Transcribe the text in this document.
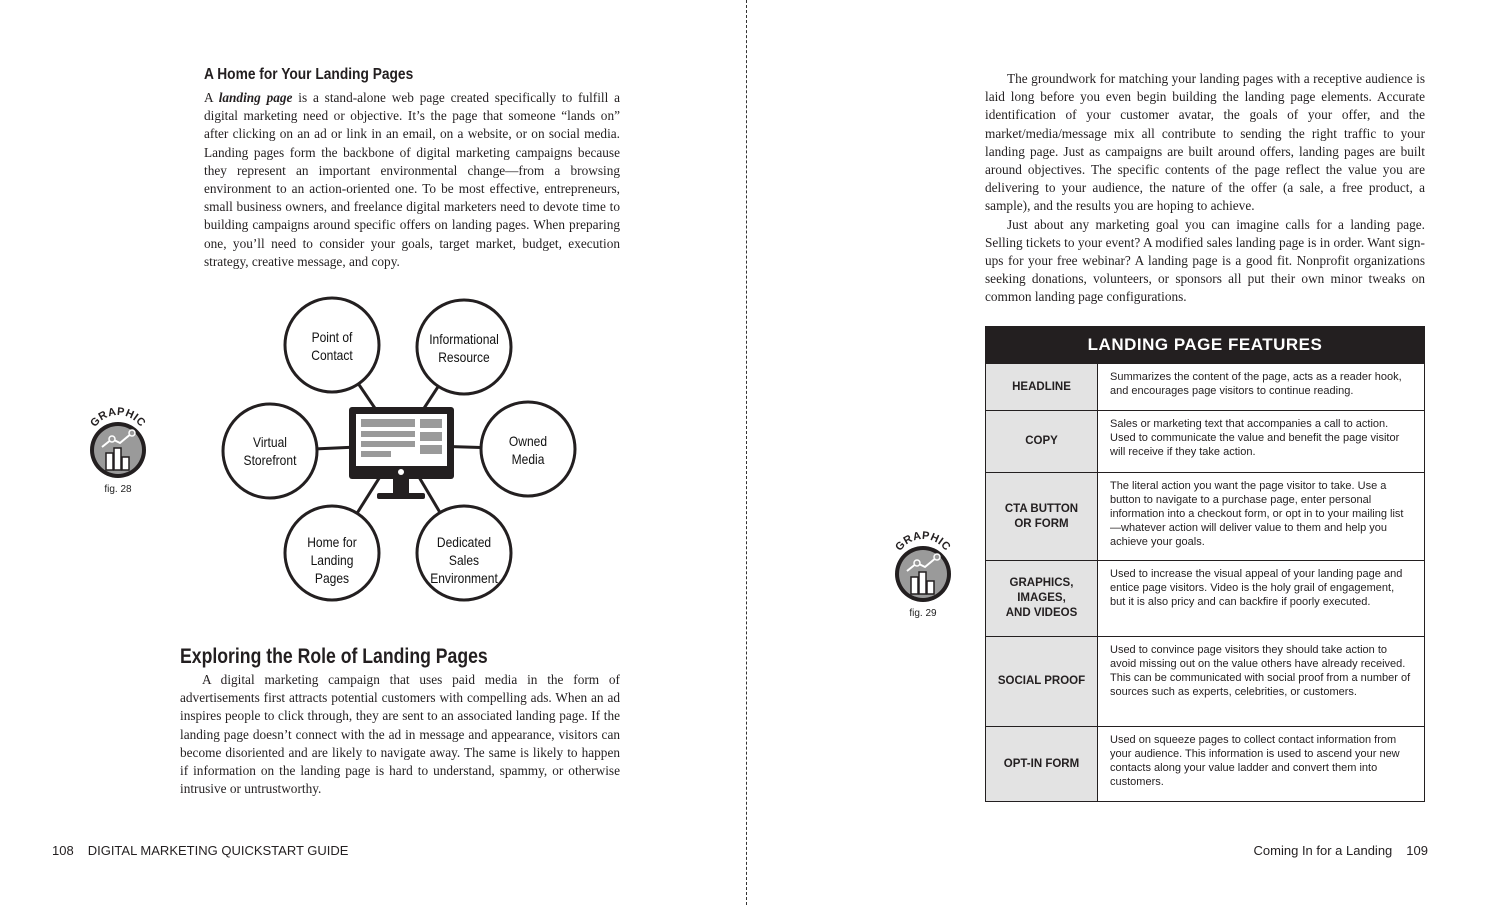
A Home for Your Landing Pages

A landing page is a stand-alone web page created specifically to fulfill a digital marketing need or objective. It’s the page that someone “lands on” after clicking on an ad or link in an email, on a website, or on social media. Landing pages form the backbone of digital marketing campaigns because they represent an important environmental change—from a browsing environment to an action-oriented one. To be most effective, entrepreneurs, small business owners, and freelance digital marketers need to devote time to building campaigns around specific offers on landing pages. When preparing one, you’ll need to consider your goals, target market, budget, execution strategy, creative message, and copy.

GRAPHIC
fig. 28
Point of
Contact
Informational
Resource
Virtual
Storefront
Owned
Media
Home for
Landing
Pages
Dedicated
Sales
Environment
Exploring the Role of Landing Pages

A digital marketing campaign that uses paid media in the form of advertisements first attracts potential customers with compelling ads. When an ad inspires people to click through, they are sent to an associated landing page. If the landing page doesn’t connect with the ad in message and appearance, visitors can become disoriented and are likely to navigate away. The same is likely to happen if information on the landing page is hard to understand, spammy, or otherwise intrusive or untrustworthy.

108 DIGITAL MARKETING QUICKSTART GUIDE

The groundwork for matching your landing pages with a receptive audience is laid long before you even begin building the landing page elements. Accurate identification of your customer avatar, the goals of your offer, and the market/media/message mix all contribute to sending the right traffic to your landing page. Just as campaigns are built around offers, landing pages are built around objectives. The specific contents of the page reflect the value you are delivering to your audience, the nature of the offer (a sale, a free product, a sample), and the results you are hoping to achieve.

Just about any marketing goal you can imagine calls for a landing page. Selling tickets to your event? A modified sales landing page is in order. Want sign-ups for your free webinar? A landing page is a good fit. Nonprofit organizations seeking donations, volunteers, or sponsors all put their own minor tweaks on common landing page configurations.

GRAPHIC
fig. 29
LANDING PAGE FEATURES
HEADLINE
Summarizes the content of the page, acts as a reader hook, and encourages page visitors to continue reading.
COPY
Sales or marketing text that accompanies a call to action. Used to communicate the value and benefit the page visitor will receive if they take action.
CTA BUTTON
OR FORM
The literal action you want the page visitor to take. Use a button to navigate to a purchase page, enter personal information into a checkout form, or opt in to your mailing list—whatever action will deliver value to them and help you achieve your goals.
GRAPHICS,
IMAGES,
AND VIDEOS
Used to increase the visual appeal of your landing page and entice page visitors. Video is the holy grail of engagement, but it is also pricy and can backfire if poorly executed.
SOCIAL PROOF
Used to convince page visitors they should take action to avoid missing out on the value others have already received. This can be communicated with social proof from a number of sources such as experts, celebrities, or customers.
OPT-IN FORM
Used on squeeze pages to collect contact information from your audience. This information is used to ascend your new contacts along your value ladder and convert them into customers.
Coming In for a Landing 109
